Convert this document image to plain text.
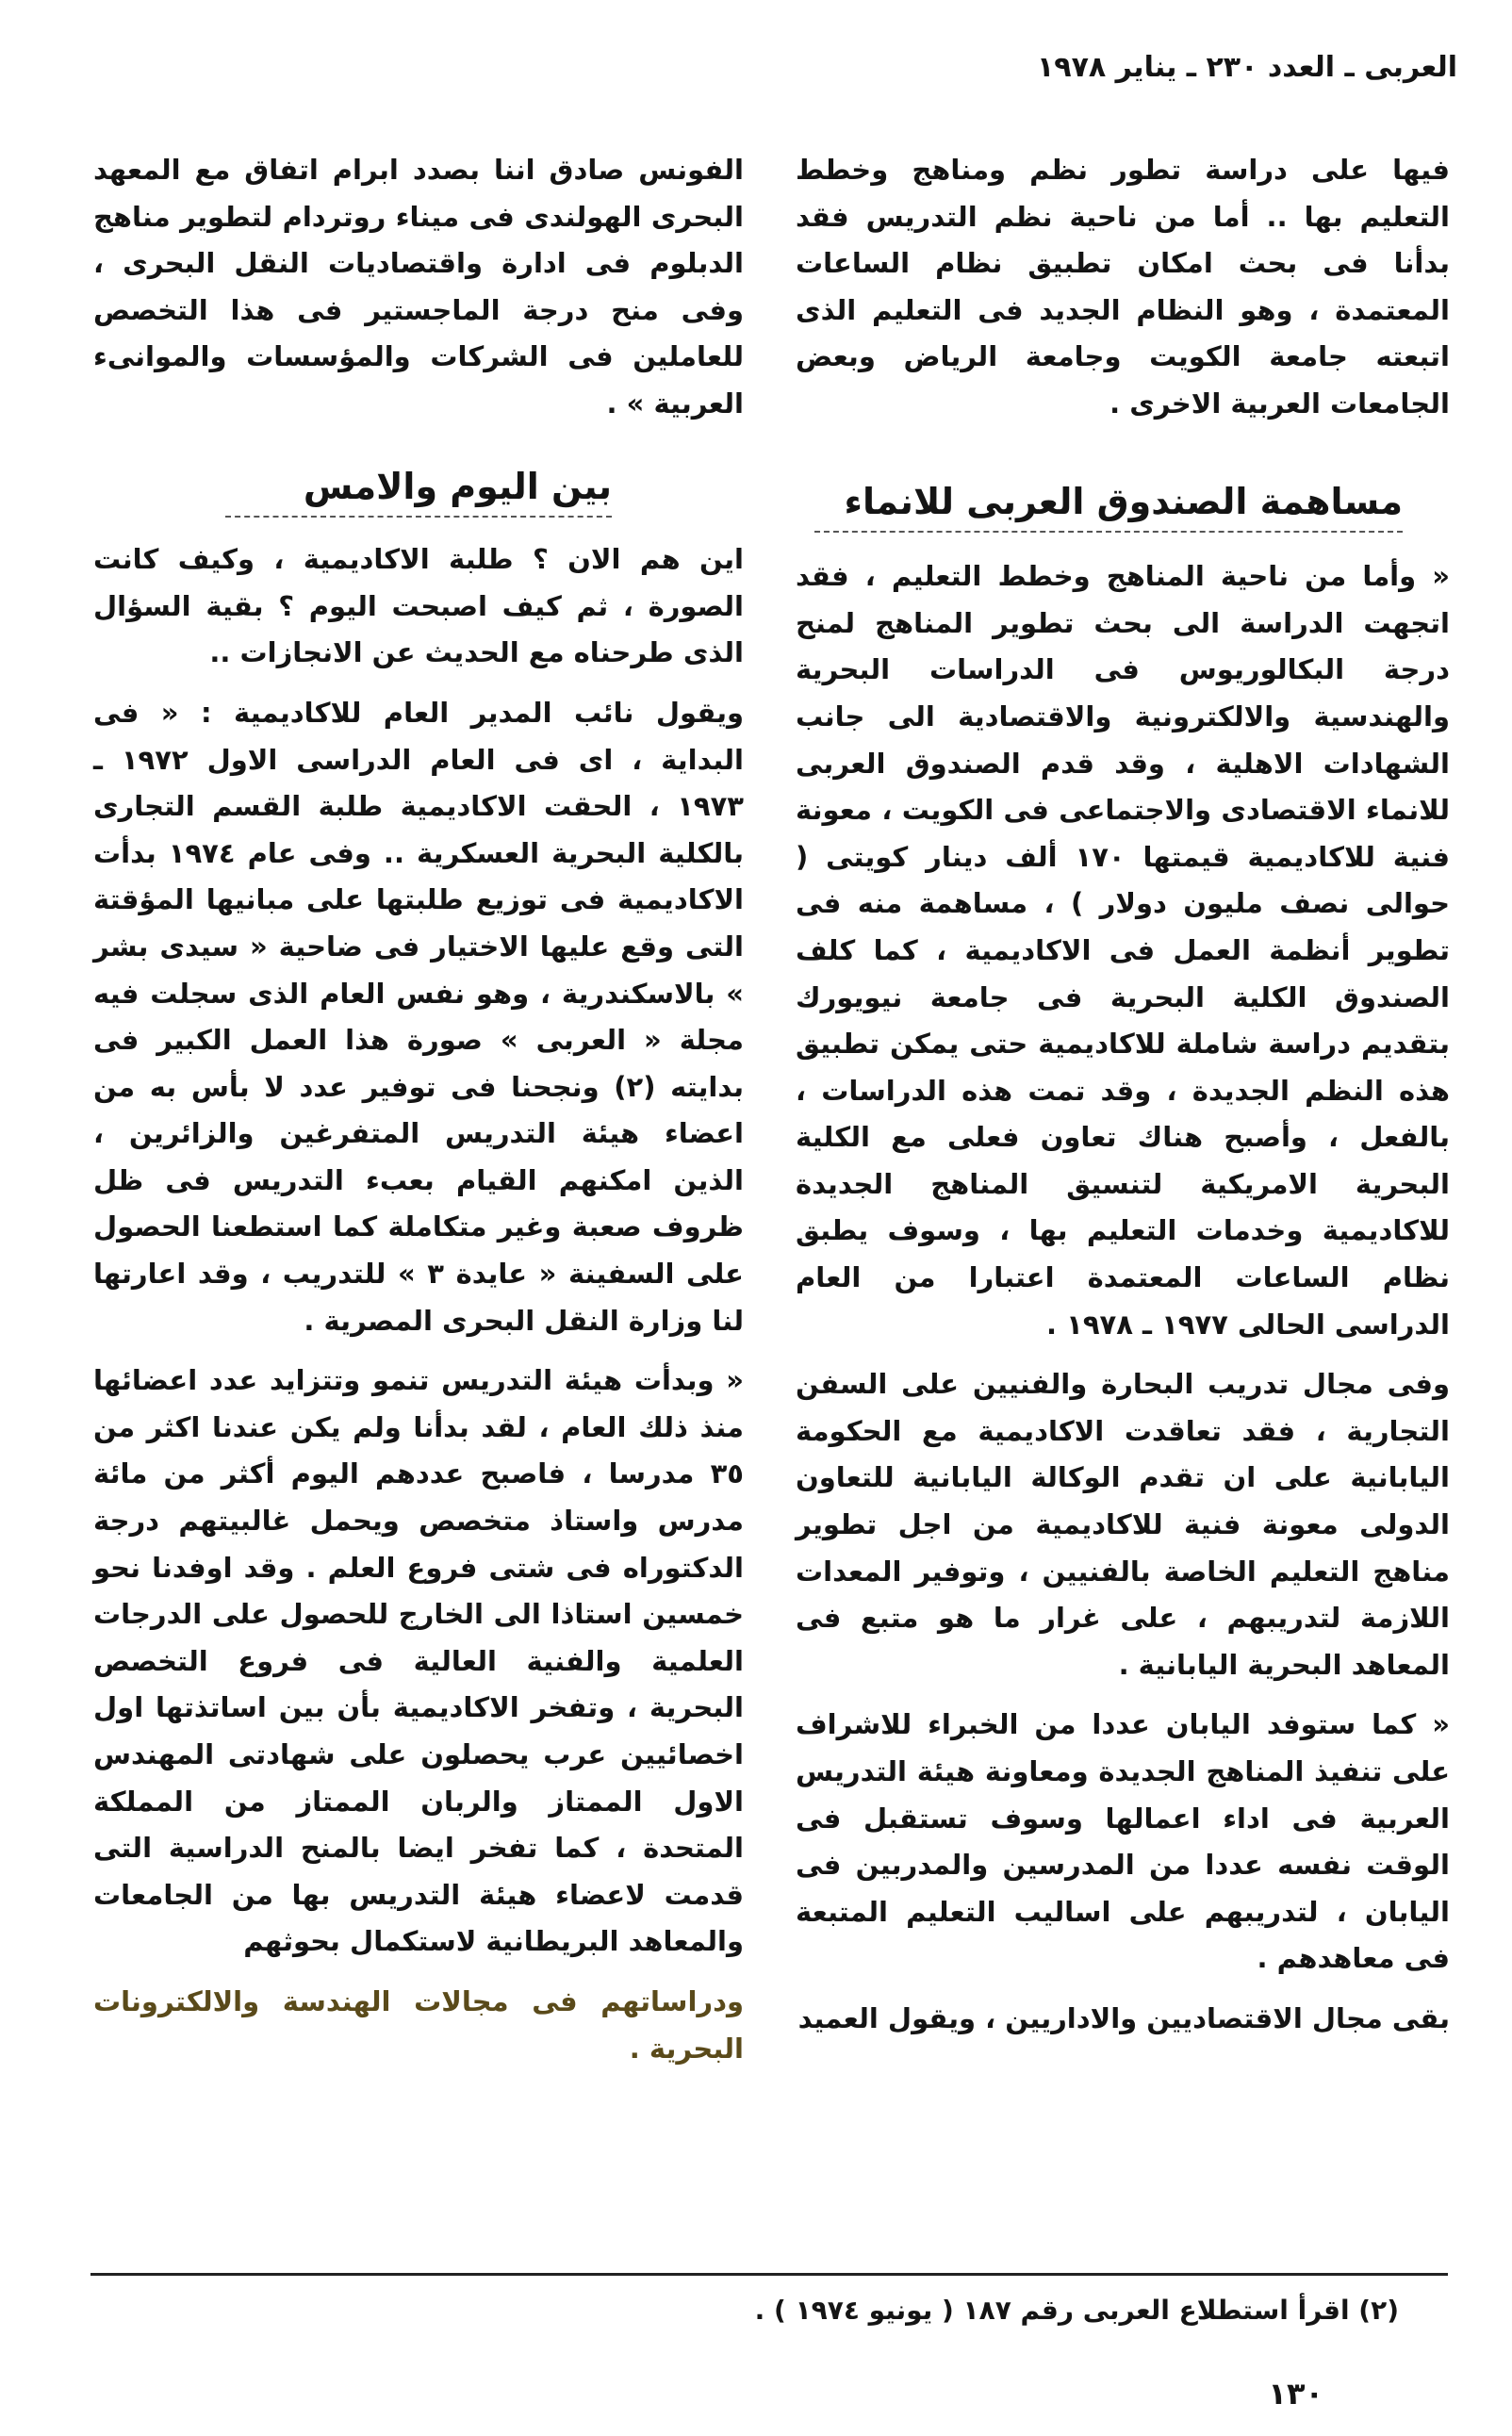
العربى ـ العدد ٢٣٠ ـ يناير ١٩٧٨

فيها على دراسة تطور نظم ومناهج وخطط التعليم بها .. أما من ناحية نظم التدريس فقد بدأنا فى بحث امكان تطبيق نظام الساعات المعتمدة ، وهو النظام الجديد فى التعليم الذى اتبعته جامعة الكويت وجامعة الرياض وبعض الجامعات العربية الاخرى .

مساهمة الصندوق العربى للانماء

« وأما من ناحية المناهج وخطط التعليم ، فقد اتجهت الدراسة الى بحث تطوير المناهج لمنح درجة البكالوريوس فى الدراسات البحرية والهندسية والالكترونية والاقتصادية الى جانب الشهادات الاهلية ، وقد قدم الصندوق العربى للانماء الاقتصادى والاجتماعى فى الكويت ، معونة فنية للاكاديمية قيمتها ١٧٠ ألف دينار كويتى ( حوالى نصف مليون دولار ) ، مساهمة منه فى تطوير أنظمة العمل فى الاكاديمية ، كما كلف الصندوق الكلية البحرية فى جامعة نيويورك بتقديم دراسة شاملة للاكاديمية حتى يمكن تطبيق هذه النظم الجديدة ، وقد تمت هذه الدراسات ، بالفعل ، وأصبح هناك تعاون فعلى مع الكلية البحرية الامريكية لتنسيق المناهج الجديدة للاكاديمية وخدمات التعليم بها ، وسوف يطبق نظام الساعات المعتمدة اعتبارا من العام الدراسى الحالى ١٩٧٧ ـ ١٩٧٨ .

وفى مجال تدريب البحارة والفنيين على السفن التجارية ، فقد تعاقدت الاكاديمية مع الحكومة اليابانية على ان تقدم الوكالة اليابانية للتعاون الدولى معونة فنية للاكاديمية من اجل تطوير مناهج التعليم الخاصة بالفنيين ، وتوفير المعدات اللازمة لتدريبهم ، على غرار ما هو متبع فى المعاهد البحرية اليابانية .

« كما ستوفد اليابان عددا من الخبراء للاشراف على تنفيذ المناهج الجديدة ومعاونة هيئة التدريس العربية فى اداء اعمالها وسوف تستقبل فى الوقت نفسه عددا من المدرسين والمدربين فى اليابان ، لتدريبهم على اساليب التعليم المتبعة فى معاهدهم .

بقى مجال الاقتصاديين والاداريين ، ويقول العميد

الفونس صادق اننا بصدد ابرام اتفاق مع المعهد البحرى الهولندى فى ميناء روتردام لتطوير مناهج الدبلوم فى ادارة واقتصاديات النقل البحرى ، وفى منح درجة الماجستير فى هذا التخصص للعاملين فى الشركات والمؤسسات والموانىء العربية » .

بين اليوم والامس

اين هم الان ؟ طلبة الاكاديمية ، وكيف كانت الصورة ، ثم كيف اصبحت اليوم ؟ بقية السؤال الذى طرحناه مع الحديث عن الانجازات ..

ويقول نائب المدير العام للاكاديمية : « فى البداية ، اى فى العام الدراسى الاول ١٩٧٢ ـ ١٩٧٣ ، الحقت الاكاديمية طلبة القسم التجارى بالكلية البحرية العسكرية .. وفى عام ١٩٧٤ بدأت الاكاديمية فى توزيع طلبتها على مبانيها المؤقتة التى وقع عليها الاختيار فى ضاحية « سيدى بشر » بالاسكندرية ، وهو نفس العام الذى سجلت فيه مجلة « العربى » صورة هذا العمل الكبير فى بدايته (٢) ونجحنا فى توفير عدد لا بأس به من اعضاء هيئة التدريس المتفرغين والزائرين ، الذين امكنهم القيام بعبء التدريس فى ظل ظروف صعبة وغير متكاملة كما استطعنا الحصول على السفينة « عايدة ٣ » للتدريب ، وقد اعارتها لنا وزارة النقل البحرى المصرية .

« وبدأت هيئة التدريس تنمو وتتزايد عدد اعضائها منذ ذلك العام ، لقد بدأنا ولم يكن عندنا اكثر من ٣٥ مدرسا ، فاصبح عددهم اليوم أكثر من مائة مدرس واستاذ متخصص ويحمل غالبيتهم درجة الدكتوراه فى شتى فروع العلم . وقد اوفدنا نحو خمسين استاذا الى الخارج للحصول على الدرجات العلمية والفنية العالية فى فروع التخصص البحرية ، وتفخر الاكاديمية بأن بين اساتذتها اول اخصائيين عرب يحصلون على شهادتى المهندس الاول الممتاز والربان الممتاز من المملكة المتحدة ، كما تفخر ايضا بالمنح الدراسية التى قدمت لاعضاء هيئة التدريس بها من الجامعات والمعاهد البريطانية لاستكمال بحوثهم

ودراساتهم فى مجالات الهندسة والالكترونات البحرية .

(٢) اقرأ استطلاع العربى رقم ١٨٧ ( يونيو ١٩٧٤ ) .
١٣٠
